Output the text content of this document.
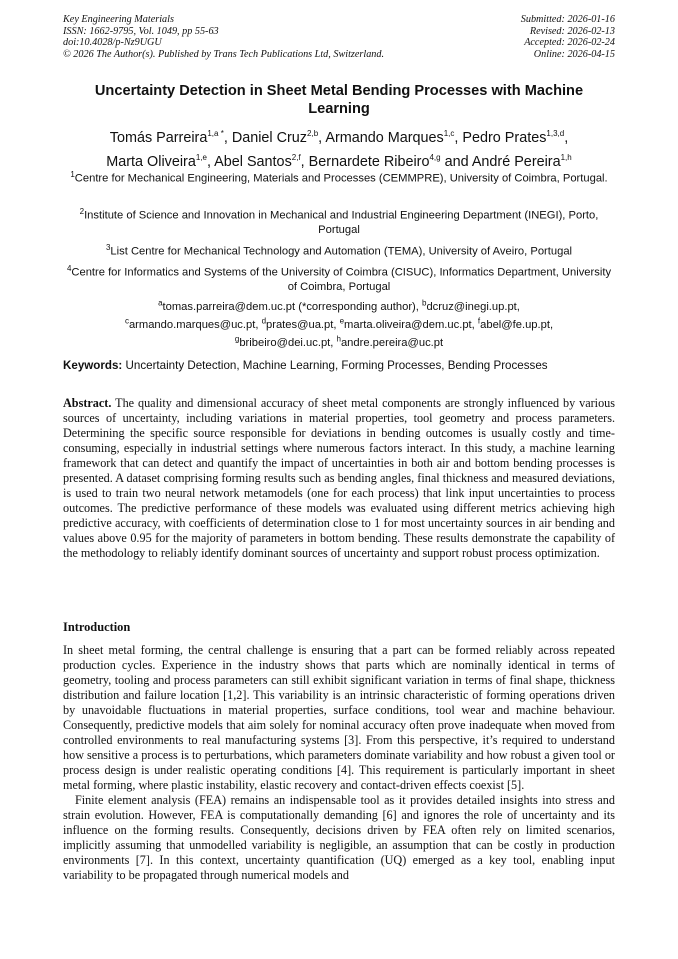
Key Engineering Materials
ISSN: 1662-9795, Vol. 1049, pp 55-63
doi:10.4028/p-Nz9UGU
© 2026 The Author(s). Published by Trans Tech Publications Ltd, Switzerland.
Submitted: 2026-01-16
Revised: 2026-02-13
Accepted: 2026-02-24
Online: 2026-04-15
Uncertainty Detection in Sheet Metal Bending Processes with Machine Learning
Tomás Parreira$^{1,a *}$, Daniel Cruz$^{2,b}$, Armando Marques$^{1,c}$, Pedro Prates$^{1,3,d}$,
Marta Oliveira$^{1,e}$, Abel Santos$^{2,f}$, Bernardete Ribeiro$^{4,g}$ and André Pereira$^{1,h}$
$^1$Centre for Mechanical Engineering, Materials and Processes (CEMMPRE), University of Coimbra, Portugal.
$^2$Institute of Science and Innovation in Mechanical and Industrial Engineering Department (INEGI), Porto, Portugal
$^3$List Centre for Mechanical Technology and Automation (TEMA), University of Aveiro, Portugal
$^4$Centre for Informatics and Systems of the University of Coimbra (CISUC), Informatics Department, University of Coimbra, Portugal
$^a$tomas.parreira@dem.uc.pt (*corresponding author), $^b$dcruz@inegi.up.pt,
$^c$armando.marques@uc.pt, $^d$prates@ua.pt, $^e$marta.oliveira@dem.uc.pt, $^f$abel@fe.up.pt,
$^g$bribeiro@dei.uc.pt, $^h$andre.pereira@uc.pt
Keywords: Uncertainty Detection, Machine Learning, Forming Processes, Bending Processes
Abstract. The quality and dimensional accuracy of sheet metal components are strongly influenced by various sources of uncertainty, including variations in material properties, tool geometry and process parameters. Determining the specific source responsible for deviations in bending outcomes is usually costly and time-consuming, especially in industrial settings where numerous factors interact. In this study, a machine learning framework that can detect and quantify the impact of uncertainties in both air and bottom bending processes is presented. A dataset comprising forming results such as bending angles, final thickness and measured deviations, is used to train two neural network metamodels (one for each process) that link input uncertainties to process outcomes. The predictive performance of these models was evaluated using different metrics achieving high predictive accuracy, with coefficients of determination close to 1 for most uncertainty sources in air bending and values above 0.95 for the majority of parameters in bottom bending. These results demonstrate the capability of the methodology to reliably identify dominant sources of uncertainty and support robust process optimization.
Introduction

In sheet metal forming, the central challenge is ensuring that a part can be formed reliably across repeated production cycles. Experience in the industry shows that parts which are nominally identical in terms of geometry, tooling and process parameters can still exhibit significant variation in terms of final shape, thickness distribution and failure location [1,2]. This variability is an intrinsic characteristic of forming operations driven by unavoidable fluctuations in material properties, surface conditions, tool wear and machine behaviour. Consequently, predictive models that aim solely for nominal accuracy often prove inadequate when moved from controlled environments to real manufacturing systems [3]. From this perspective, it’s required to understand how sensitive a process is to perturbations, which parameters dominate variability and how robust a given tool or process design is under realistic operating conditions [4]. This requirement is particularly important in sheet metal forming, where plastic instability, elastic recovery and contact-driven effects coexist [5].

Finite element analysis (FEA) remains an indispensable tool as it provides detailed insights into stress and strain evolution. However, FEA is computationally demanding [6] and ignores the role of uncertainty and its influence on the forming results. Consequently, decisions driven by FEA often rely on limited scenarios, implicitly assuming that unmodelled variability is negligible, an assumption that can be costly in production environments [7]. In this context, uncertainty quantification (UQ) emerged as a key tool, enabling input variability to be propagated through numerical models and
